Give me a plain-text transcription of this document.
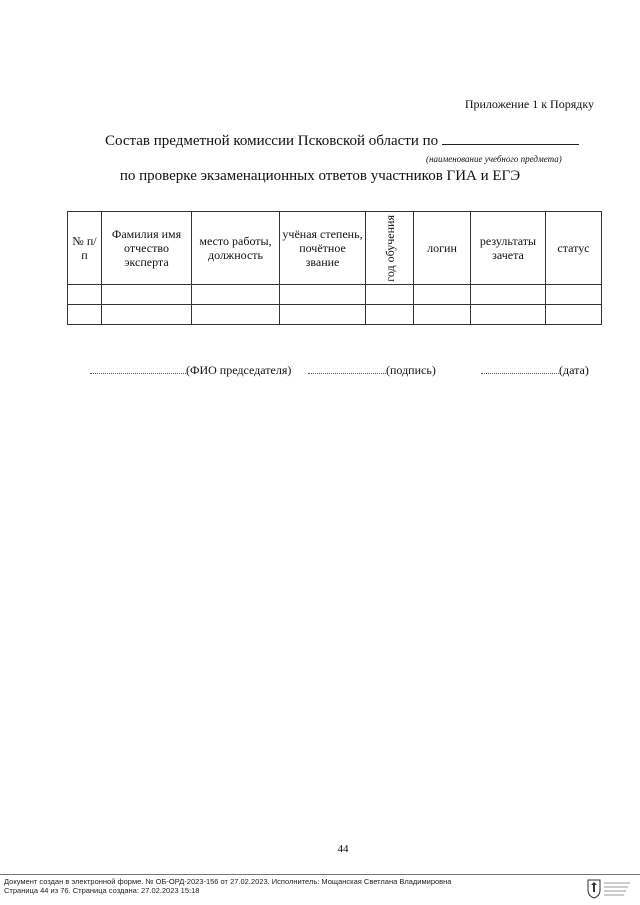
Приложение 1 к Порядку
Состав предметной комиссии Псковской области по
(наименование учебного предмета)
по проверке экзаменационных ответов участников ГИА и ЕГЭ
№ п/п	Фамилия имя отчество эксперта	место работы, должность	учёная степень, почётное звание	год обучения	логин	результаты зачета	статус

(ФИО председателя)	(подпись)	(дата)
44
Документ создан в электронной форме. № ОБ-ОРД-2023-156 от 27.02.2023. Исполнитель: Мощанская Светлана Владимировна
Страница 44 из 76. Страница создана: 27.02.2023 15:18
